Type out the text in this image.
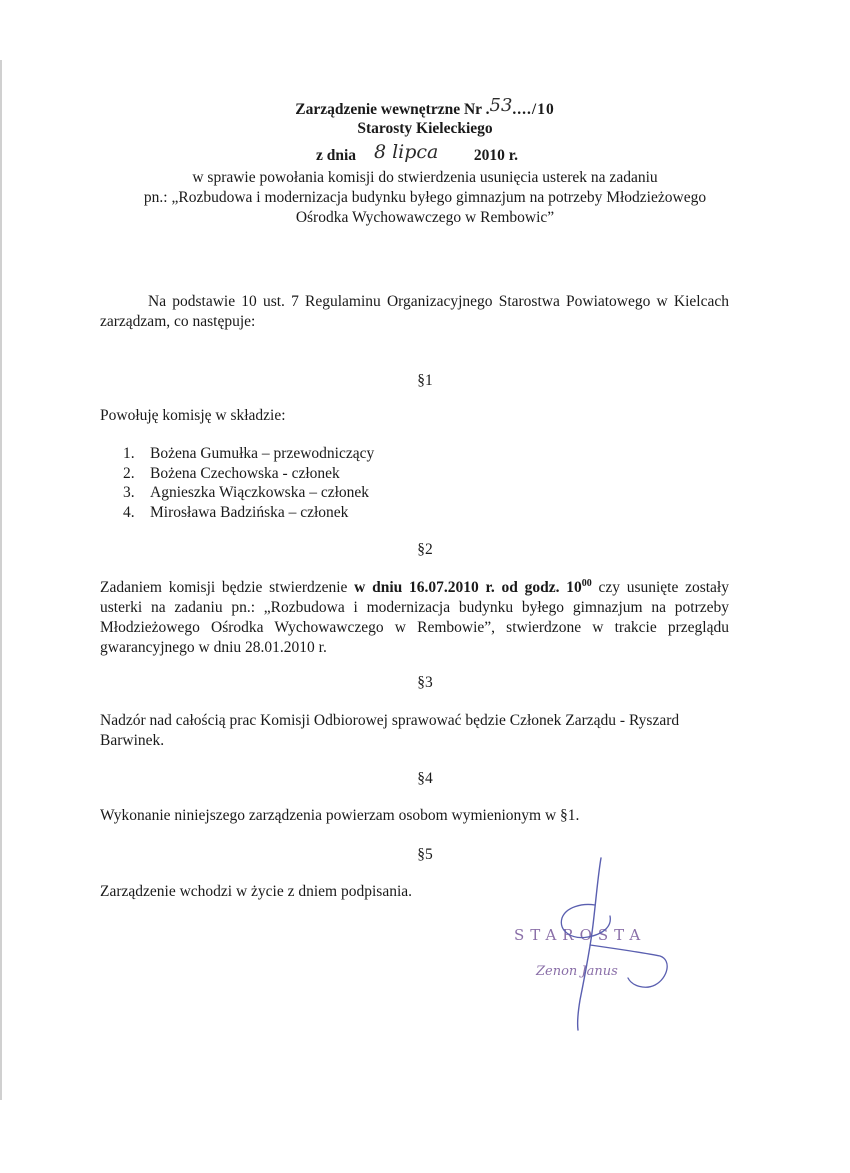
Zarządzenie wewnętrzne Nr .53..../10
Starosty Kieleckiego
z dnia 8 lipca 2010 r.
w sprawie powołania komisji do stwierdzenia usunięcia usterek na zadaniu
pn.: „Rozbudowa i modernizacja budynku byłego gimnazjum na potrzeby Młodzieżowego
Ośrodka Wychowawczego w Rembowic”
Na podstawie 10 ust. 7 Regulaminu Organizacyjnego Starostwa Powiatowego w Kielcach zarządzam, co następuje:
§1
Powołuję komisję w składzie:
1. Bożena Gumułka – przewodniczący
2. Bożena Czechowska - członek
3. Agnieszka Wiączkowska – członek
4. Mirosława Badzińska – członek
§2
Zadaniem komisji będzie stwierdzenie w dniu 16.07.2010 r. od godz. $10^{00}$ czy usunięte zostały usterki na zadaniu pn.: „Rozbudowa i modernizacja budynku byłego gimnazjum na potrzeby Młodzieżowego Ośrodka Wychowawczego w Rembowie”, stwierdzone w trakcie przeglądu gwarancyjnego w dniu 28.01.2010 r.
§3
Nadzór nad całością prac Komisji Odbiorowej sprawować będzie Członek Zarządu - Ryszard Barwinek.
§4
Wykonanie niniejszego zarządzenia powierzam osobom wymienionym w §1.
§5
Zarządzenie wchodzi w życie z dniem podpisania.
STAROSTA
Zenon Janus
